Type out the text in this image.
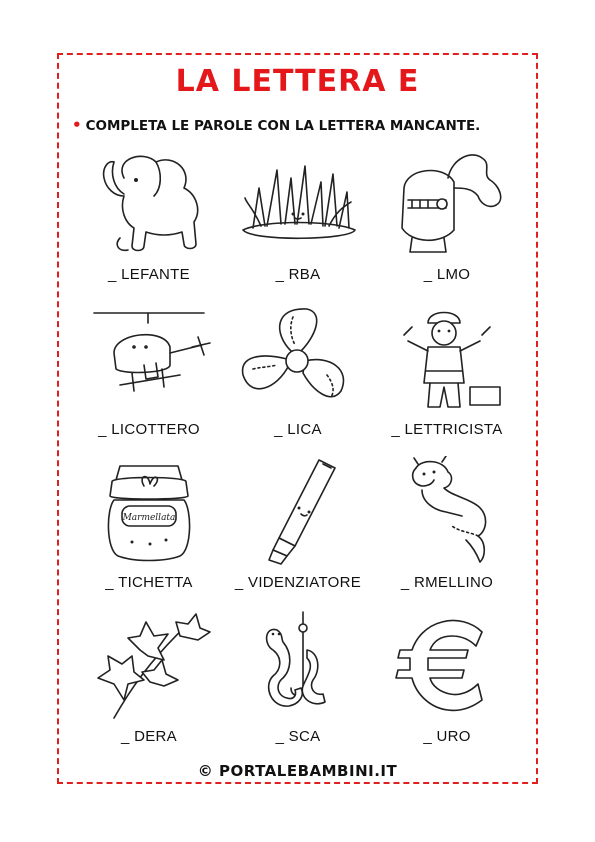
LA LETTERA E
• COMPLETA LE PAROLE CON LA LETTERA MANCANTE.
_ LEFANTE	_ RBA	_ LMO
_ LICOTTERO	_ LICA	_ LETTRICISTA
Marmellata
_ TICHETTA	_ VIDENZIATORE	_ RMELLINO
_ DERA	_ SCA	_ URO
© PORTALEBAMBINI.IT
